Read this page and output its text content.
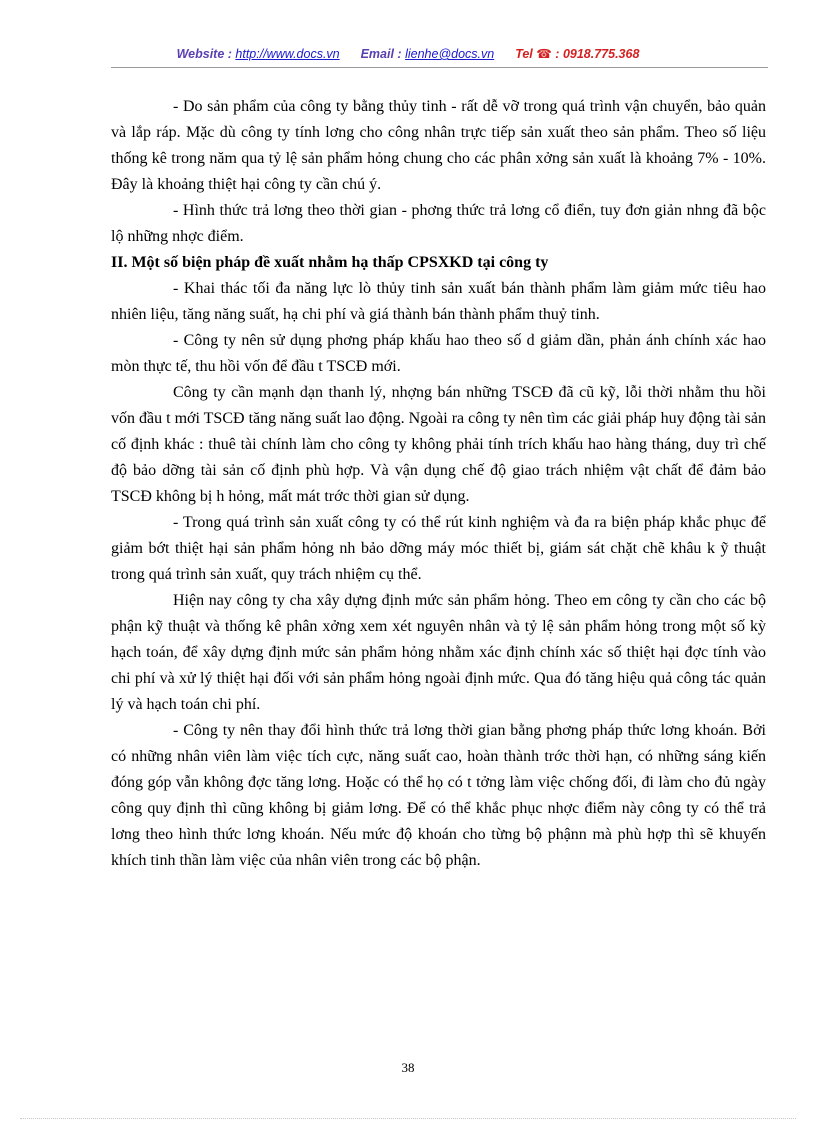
Website : http://www.docs.vn Email : lienhe@docs.vn Tel ☎ : 0918.775.368

- Do sản phẩm của công ty bằng thủy tinh - rất dễ vỡ trong quá trình vận chuyển, bảo quản và lắp ráp. Mặc dù công ty tính lơng cho công nhân trực tiếp sản xuất theo sản phẩm. Theo số liệu thống kê trong năm qua tỷ lệ sản phẩm hỏng chung cho các phân xởng sản xuất là khoảng 7% - 10%. Đây là khoảng thiệt hại công ty cần chú ý.

- Hình thức trả lơng theo thời gian - phơng thức trả lơng cổ điển, tuy đơn giản nhng đã bộc lộ những nhợc điểm.

II. Một số biện pháp đề xuất nhằm hạ thấp CPSXKD tại công ty

- Khai thác tối đa năng lực lò thủy tinh sản xuất bán thành phẩm làm giảm mức tiêu hao nhiên liệu, tăng năng suất, hạ chi phí và giá thành bán thành phẩm thuỷ tinh.

- Công ty nên sử dụng phơng pháp khấu hao theo số d giảm dần, phản ánh chính xác hao mòn thực tế, thu hồi vốn để đầu t TSCĐ mới.

Công ty cần mạnh dạn thanh lý, nhợng bán những TSCĐ đã cũ kỹ, lỗi thời nhằm thu hồi vốn đầu t mới TSCĐ tăng năng suất lao động. Ngoài ra công ty nên tìm các giải pháp huy động tài sản cố định khác : thuê tài chính làm cho công ty không phải tính trích khấu hao hàng tháng, duy trì chế độ bảo dỡng tài sản cố định phù hợp. Và vận dụng chế độ giao trách nhiệm vật chất để đảm bảo TSCĐ không bị h hỏng, mất mát trớc thời gian sử dụng.

- Trong quá trình sản xuất công ty có thể rút kinh nghiệm và đa ra biện pháp khắc phục để giảm bớt thiệt hại sản phẩm hỏng nh bảo dỡng máy móc thiết bị, giám sát chặt chẽ khâu k ỹ thuật trong quá trình sản xuất, quy trách nhiệm cụ thể.

Hiện nay công ty cha xây dựng định mức sản phẩm hỏng. Theo em công ty cần cho các bộ phận kỹ thuật và thống kê phân xởng xem xét nguyên nhân và tỷ lệ sản phẩm hỏng trong một số kỳ hạch toán, để xây dựng định mức sản phẩm hỏng nhằm xác định chính xác số thiệt hại đợc tính vào chi phí và xử lý thiệt hại đối với sản phẩm hỏng ngoài định mức. Qua đó tăng hiệu quả công tác quản lý và hạch toán chi phí.

- Công ty nên thay đổi hình thức trả lơng thời gian bằng phơng pháp thức lơng khoán. Bởi có những nhân viên làm việc tích cực, năng suất cao, hoàn thành trớc thời hạn, có những sáng kiến đóng góp vẫn không đợc tăng lơng. Hoặc có thể họ có t tởng làm việc chống đối, đi làm cho đủ ngày công quy định thì cũng không bị giảm lơng. Để có thể khắc phục nhợc điểm này công ty có thể trả lơng theo hình thức lơng khoán. Nếu mức độ khoán cho từng bộ phậnn mà phù hợp thì sẽ khuyến khích tinh thần làm việc của nhân viên trong các bộ phận.

38
